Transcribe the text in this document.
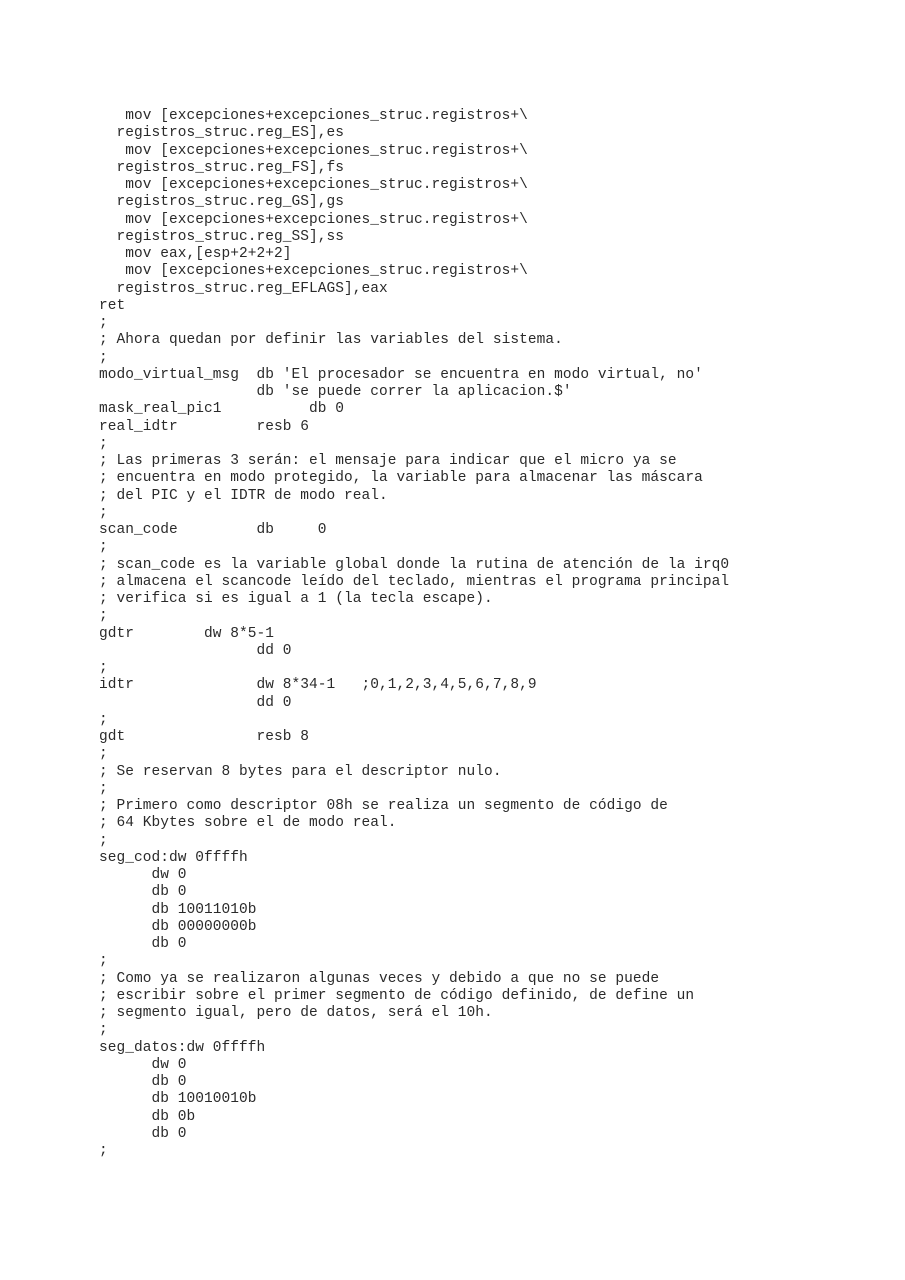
mov [excepciones+excepciones_struc.registros+\
registros_struc.reg_ES],es
mov [excepciones+excepciones_struc.registros+\
registros_struc.reg_FS],fs
mov [excepciones+excepciones_struc.registros+\
registros_struc.reg_GS],gs
mov [excepciones+excepciones_struc.registros+\
registros_struc.reg_SS],ss
mov eax,[esp+2+2+2]
mov [excepciones+excepciones_struc.registros+\
registros_struc.reg_EFLAGS],eax
ret
;
; Ahora quedan por definir las variables del sistema.
;
modo_virtual_msg  db 'El procesador se encuentra en modo virtual, no'
db 'se puede correr la aplicacion.$'
mask_real_pic1          db 0
real_idtr         resb 6
;
; Las primeras 3 serán: el mensaje para indicar que el micro ya se
; encuentra en modo protegido, la variable para almacenar las máscara
; del PIC y el IDTR de modo real.
;
scan_code         db     0
;
; scan_code es la variable global donde la rutina de atención de la irq0
; almacena el scancode leído del teclado, mientras el programa principal
; verifica si es igual a 1 (la tecla escape).
;
gdtr        dw 8*5-1
dd 0
;
idtr              dw 8*34-1   ;0,1,2,3,4,5,6,7,8,9
dd 0
;
gdt               resb 8
;
; Se reservan 8 bytes para el descriptor nulo.
;
; Primero como descriptor 08h se realiza un segmento de código de
; 64 Kbytes sobre el de modo real.
;
seg_cod:dw 0ffffh
dw 0
db 0
db 10011010b
db 00000000b
db 0
;
; Como ya se realizaron algunas veces y debido a que no se puede
; escribir sobre el primer segmento de código definido, de define un
; segmento igual, pero de datos, será el 10h.
;
seg_datos:dw 0ffffh
dw 0
db 0
db 10010010b
db 0b
db 0
;
